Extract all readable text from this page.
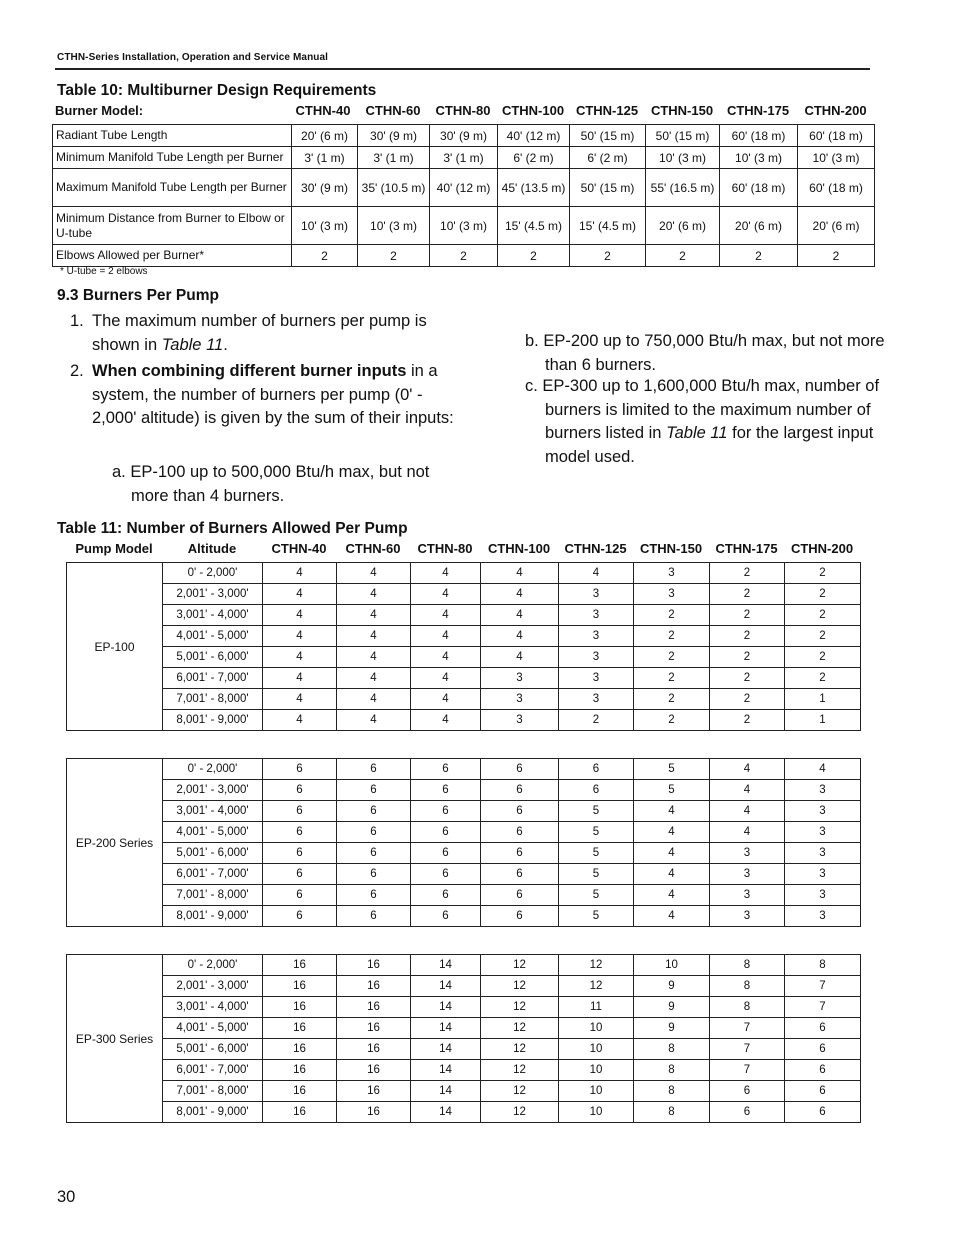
CTHN-Series Installation, Operation and Service Manual
Table 10: Multiburner Design Requirements
Burner Model:	CTHN-40	CTHN-60	CTHN-80 CTHN-100 CTHN-125 CTHN-150	CTHN-175	CTHN-200
Radiant Tube Length	20' (6 m)	30' (9 m)	30' (9 m)	40' (12 m)	50' (15 m)	50' (15 m)	60' (18 m)	60' (18 m)
Minimum Manifold Tube Length per Burner	3' (1 m)	3' (1 m)	3' (1 m)	6' (2 m)	6' (2 m)	10' (3 m)	10' (3 m)	10' (3 m)
Maximum Manifold Tube Length per Burner	30' (9 m)	35' (10.5 m)	40' (12 m)	45' (13.5 m)	50' (15 m)	55' (16.5 m)	60' (18 m)	60' (18 m)
Minimum Distance from Burner to Elbow or U-tube	10' (3 m)	10' (3 m)	10' (3 m)	15' (4.5 m)	15' (4.5 m)	20' (6 m)	20' (6 m)	20' (6 m)
Elbows Allowed per Burner*	2	2	2	2	2	2	2	2
* U-tube = 2 elbows
9.3 Burners Per Pump
1. The maximum number of burners per pump is shown in Table 11.
2. When combining different burner inputs in a system, the number of burners per pump (0' - 2,000' altitude) is given by the sum of their inputs:
a. EP-100 up to 500,000 Btu/h max, but not more than 4 burners.
b. EP-200 up to 750,000 Btu/h max, but not more than 6 burners.
c. EP-300 up to 1,600,000 Btu/h max, number of burners is limited to the maximum number of burners listed in Table 11 for the largest input model used.
Table 11: Number of Burners Allowed Per Pump
Pump Model	Altitude	CTHN-40	CTHN-60	CTHN-80	CTHN-100	CTHN-125	CTHN-150	CTHN-175	CTHN-200
EP-100	0' - 2,000'	4	4	4	4	4	3	2	2
	2,001' - 3,000'	4	4	4	4	3	3	2	2
	3,001' - 4,000'	4	4	4	4	3	2	2	2
	4,001' - 5,000'	4	4	4	4	3	2	2	2
	5,001' - 6,000'	4	4	4	4	3	2	2	2
	6,001' - 7,000'	4	4	4	3	3	2	2	2
	7,001' - 8,000'	4	4	4	3	3	2	2	1
	8,001' - 9,000'	4	4	4	3	2	2	2	1
EP-200 Series	0' - 2,000'	6	6	6	6	6	5	4	4
	2,001' - 3,000'	6	6	6	6	6	5	4	3
	3,001' - 4,000'	6	6	6	6	5	4	4	3
	4,001' - 5,000'	6	6	6	6	5	4	4	3
	5,001' - 6,000'	6	6	6	6	5	4	3	3
	6,001' - 7,000'	6	6	6	6	5	4	3	3
	7,001' - 8,000'	6	6	6	6	5	4	3	3
	8,001' - 9,000'	6	6	6	6	5	4	3	3
EP-300 Series	0' - 2,000'	16	16	14	12	12	10	8	8
	2,001' - 3,000'	16	16	14	12	12	9	8	7
	3,001' - 4,000'	16	16	14	12	11	9	8	7
	4,001' - 5,000'	16	16	14	12	10	9	7	6
	5,001' - 6,000'	16	16	14	12	10	8	7	6
	6,001' - 7,000'	16	16	14	12	10	8	7	6
	7,001' - 8,000'	16	16	14	12	10	8	6	6
	8,001' - 9,000'	16	16	14	12	10	8	6	6
30
